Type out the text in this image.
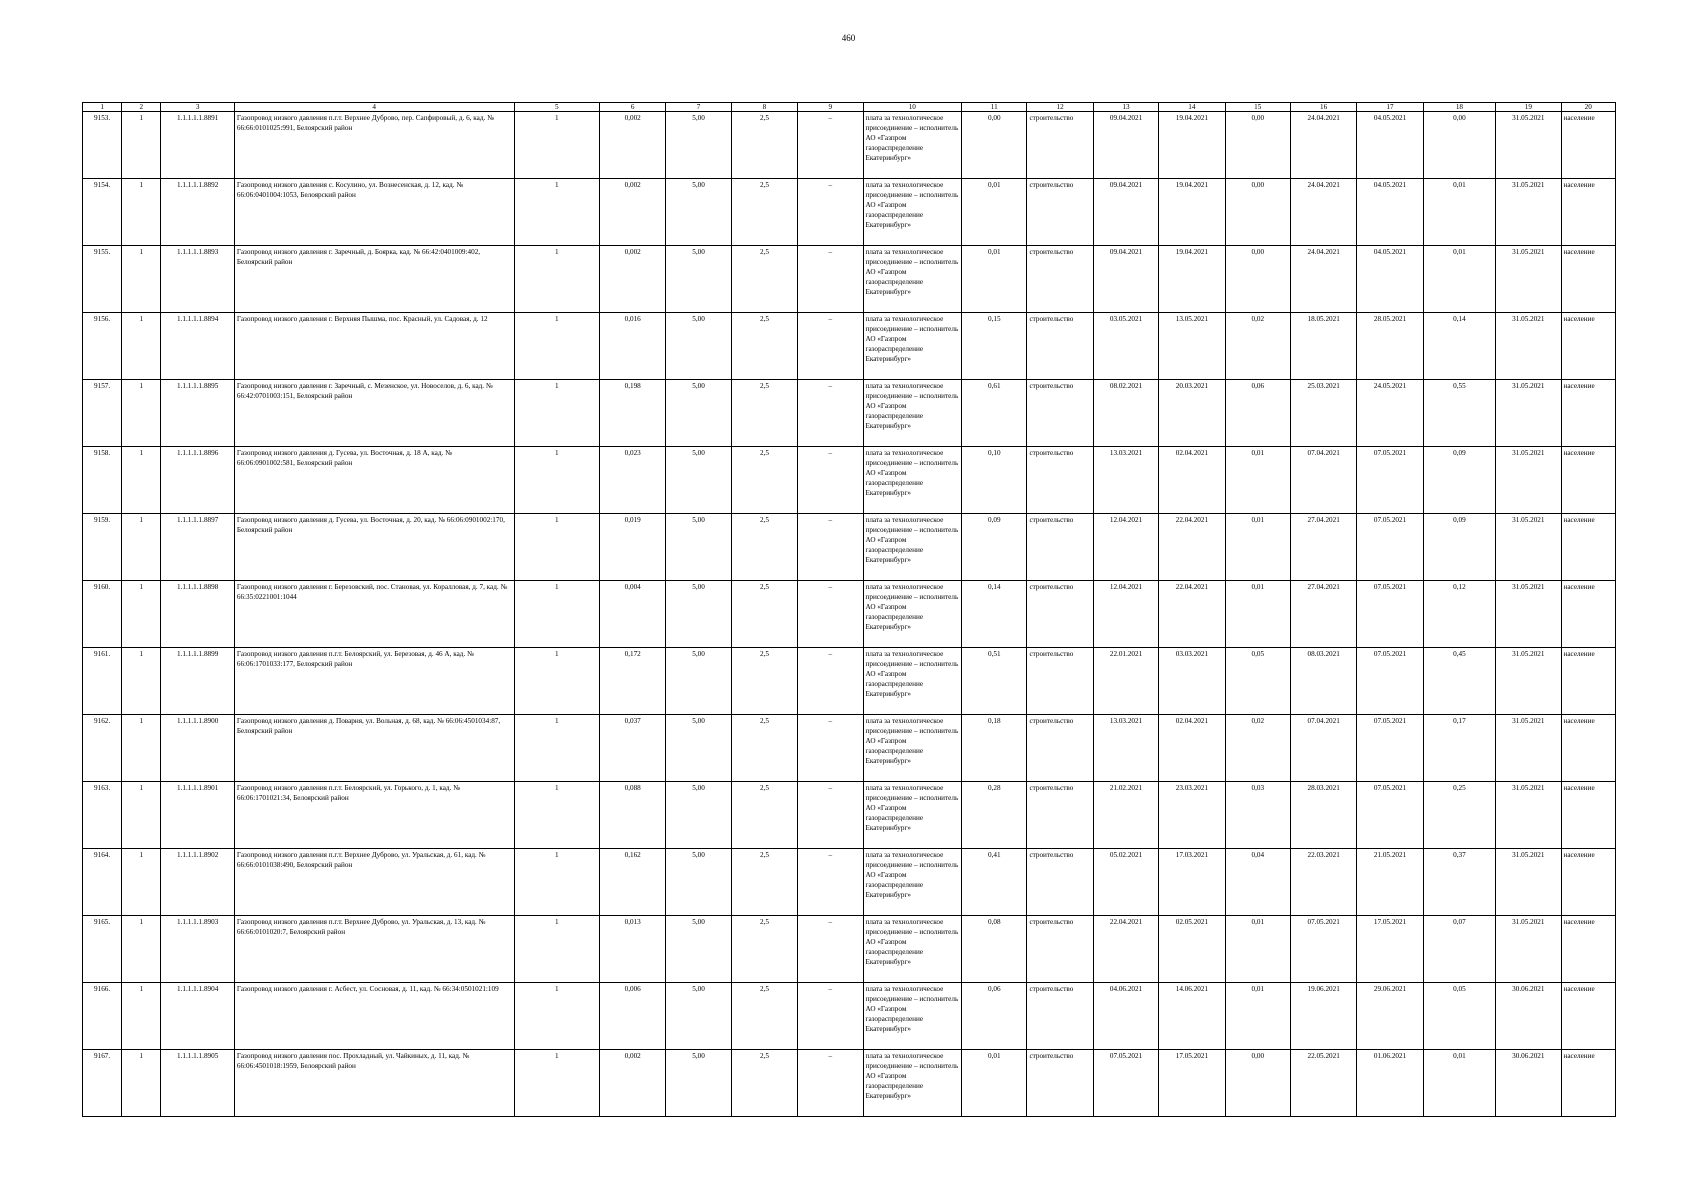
460
1	2	3	4	5	6	7	8	9	10	11	12	13	14	15	16	17	18	19	20
9153.	1	1.1.1.1.1.8891	Газопровод низкого давления п.г.т. Верхнее Дуброво, пер. Сапфировый, д. 6, кад. № 66:66:0101025:991, Белоярский район	1	0,002	5,00	2,5	–	плата за технологическое присоединение – исполнитель АО «Газпром газораспределение Екатеринбург»	0,00	строительство	09.04.2021	19.04.2021	0,00	24.04.2021	04.05.2021	0,00	31.05.2021	население
9154.	1	1.1.1.1.1.8892	Газопровод низкого давления с. Косулино, ул. Вознесенская, д. 12, кад. № 66:06:0401004:1053, Белоярский район	1	0,002	5,00	2,5	–	плата за технологическое присоединение – исполнитель АО «Газпром газораспределение Екатеринбург»	0,01	строительство	09.04.2021	19.04.2021	0,00	24.04.2021	04.05.2021	0,01	31.05.2021	население
9155.	1	1.1.1.1.1.8893	Газопровод низкого давления г. Заречный, д. Боярка, кад. № 66:42:0401009:402, Белоярский район	1	0,002	5,00	2,5	–	плата за технологическое присоединение – исполнитель АО «Газпром газораспределение Екатеринбург»	0,01	строительство	09.04.2021	19.04.2021	0,00	24.04.2021	04.05.2021	0,01	31.05.2021	население
9156.	1	1.1.1.1.1.8894	Газопровод низкого давления г. Верхняя Пышма, пос. Красный, ул. Садовая, д. 12	1	0,016	5,00	2,5	–	плата за технологическое присоединение – исполнитель АО «Газпром газораспределение Екатеринбург»	0,15	строительство	03.05.2021	13.05.2021	0,02	18.05.2021	28.05.2021	0,14	31.05.2021	население
9157.	1	1.1.1.1.1.8895	Газопровод низкого давления г. Заречный, с. Мезенское, ул. Новоселов, д. 6, кад. № 66:42:0701003:151, Белоярский район	1	0,198	5,00	2,5	–	плата за технологическое присоединение – исполнитель АО «Газпром газораспределение Екатеринбург»	0,61	строительство	08.02.2021	20.03.2021	0,06	25.03.2021	24.05.2021	0,55	31.05.2021	население
9158.	1	1.1.1.1.1.8896	Газопровод низкого давления д. Гусева, ул. Восточная, д. 18 А, кад. № 66:06:0901002:581, Белоярский район	1	0,023	5,00	2,5	–	плата за технологическое присоединение – исполнитель АО «Газпром газораспределение Екатеринбург»	0,10	строительство	13.03.2021	02.04.2021	0,01	07.04.2021	07.05.2021	0,09	31.05.2021	население
9159.	1	1.1.1.1.1.8897	Газопровод низкого давления д. Гусева, ул. Восточная, д. 20, кад. № 66:06:0901002:170, Белоярский район	1	0,019	5,00	2,5	–	плата за технологическое присоединение – исполнитель АО «Газпром газораспределение Екатеринбург»	0,09	строительство	12.04.2021	22.04.2021	0,01	27.04.2021	07.05.2021	0,09	31.05.2021	население
9160.	1	1.1.1.1.1.8898	Газопровод низкого давления г. Березовский, пос. Становая, ул. Коралловая, д. 7, кад. № 66:35:0221001:1044	1	0,004	5,00	2,5	–	плата за технологическое присоединение – исполнитель АО «Газпром газораспределение Екатеринбург»	0,14	строительство	12.04.2021	22.04.2021	0,01	27.04.2021	07.05.2021	0,12	31.05.2021	население
9161.	1	1.1.1.1.1.8899	Газопровод низкого давления п.г.т. Белоярский, ул. Березовая, д. 46 А, кад. № 66:06:1701033:177, Белоярский район	1	0,172	5,00	2,5	–	плата за технологическое присоединение – исполнитель АО «Газпром газораспределение Екатеринбург»	0,51	строительство	22.01.2021	03.03.2021	0,05	08.03.2021	07.05.2021	0,45	31.05.2021	население
9162.	1	1.1.1.1.1.8900	Газопровод низкого давления д. Поварня, ул. Вольная, д. 68, кад. № 66:06:4501034:87, Белоярский район	1	0,037	5,00	2,5	–	плата за технологическое присоединение – исполнитель АО «Газпром газораспределение Екатеринбург»	0,18	строительство	13.03.2021	02.04.2021	0,02	07.04.2021	07.05.2021	0,17	31.05.2021	население
9163.	1	1.1.1.1.1.8901	Газопровод низкого давления п.г.т. Белоярский, ул. Горького, д. 1, кад. № 66:06:1701021:34, Белоярский район	1	0,088	5,00	2,5	–	плата за технологическое присоединение – исполнитель АО «Газпром газораспределение Екатеринбург»	0,28	строительство	21.02.2021	23.03.2021	0,03	28.03.2021	07.05.2021	0,25	31.05.2021	население
9164.	1	1.1.1.1.1.8902	Газопровод низкого давления п.г.т. Верхнее Дуброво, ул. Уральская, д. 61, кад. № 66:66:0101038:490, Белоярский район	1	0,162	5,00	2,5	–	плата за технологическое присоединение – исполнитель АО «Газпром газораспределение Екатеринбург»	0,41	строительство	05.02.2021	17.03.2021	0,04	22.03.2021	21.05.2021	0,37	31.05.2021	население
9165.	1	1.1.1.1.1.8903	Газопровод низкого давления п.г.т. Верхнее Дуброво, ул. Уральская, д. 13, кад. № 66:66:0101020:7, Белоярский район	1	0,013	5,00	2,5	–	плата за технологическое присоединение – исполнитель АО «Газпром газораспределение Екатеринбург»	0,08	строительство	22.04.2021	02.05.2021	0,01	07.05.2021	17.05.2021	0,07	31.05.2021	население
9166.	1	1.1.1.1.1.8904	Газопровод низкого давления г. Асбест, ул. Сосновая, д. 11, кад. № 66:34:0501021:109	1	0,006	5,00	2,5	–	плата за технологическое присоединение – исполнитель АО «Газпром газораспределение Екатеринбург»	0,06	строительство	04.06.2021	14.06.2021	0,01	19.06.2021	29.06.2021	0,05	30.06.2021	население
9167.	1	1.1.1.1.1.8905	Газопровод низкого давления пос. Прохладный, ул. Чайкиных, д. 11, кад. № 66:06:4501018:1959, Белоярский район	1	0,002	5,00	2,5	–	плата за технологическое присоединение – исполнитель АО «Газпром газораспределение Екатеринбург»	0,01	строительство	07.05.2021	17.05.2021	0,00	22.05.2021	01.06.2021	0,01	30.06.2021	население
